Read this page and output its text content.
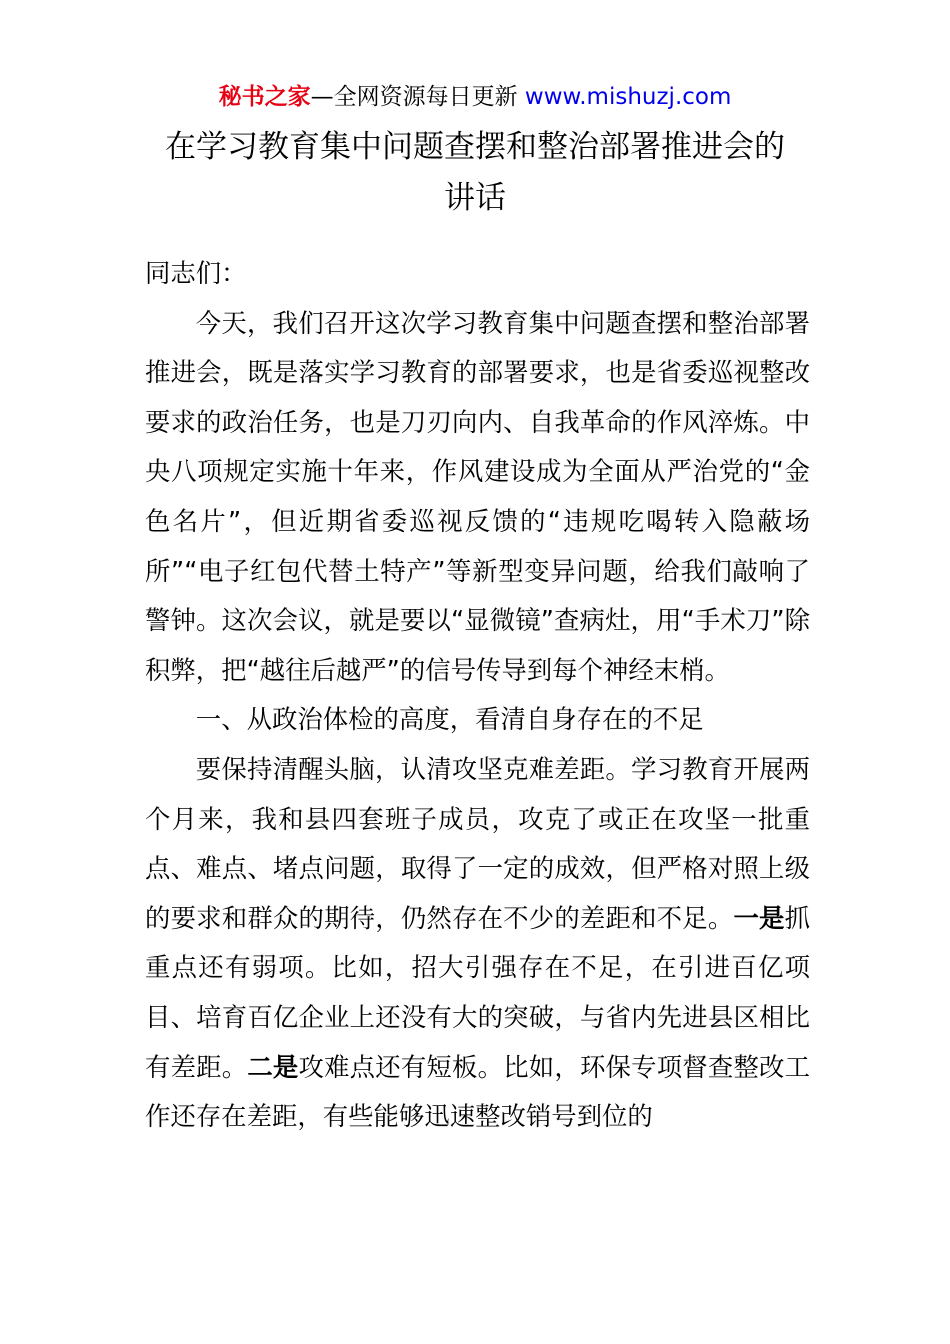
秘书之家—全网资源每日更新 www.mishuzj.com
在学习教育集中问题查摆和整治部署推进会的
讲话

同志们：

今天，我们召开这次学习教育集中问题查摆和整治部署推进会，既是落实学习教育的部署要求，也是省委巡视整改要求的政治任务，也是刀刃向内、自我革命的作风淬炼。中央八项规定实施十年来，作风建设成为全面从严治党的“金色名片”，但近期省委巡视反馈的“违规吃喝转入隐蔽场所”“电子红包代替土特产”等新型变异问题，给我们敲响了警钟。这次会议，就是要以“显微镜”查病灶，用“手术刀”除积弊，把“越往后越严”的信号传导到每个神经末梢。

一、从政治体检的高度，看清自身存在的不足

要保持清醒头脑，认清攻坚克难差距。学习教育开展两个月来，我和县四套班子成员，攻克了或正在攻坚一批重点、难点、堵点问题，取得了一定的成效，但严格对照上级的要求和群众的期待，仍然存在不少的差距和不足。一是抓重点还有弱项。比如，招大引强存在不足，在引进百亿项目、培育百亿企业上还没有大的突破，与省内先进县区相比有差距。二是攻难点还有短板。比如，环保专项督查整改工作还存在差距，有些能够迅速整改销号到位的
